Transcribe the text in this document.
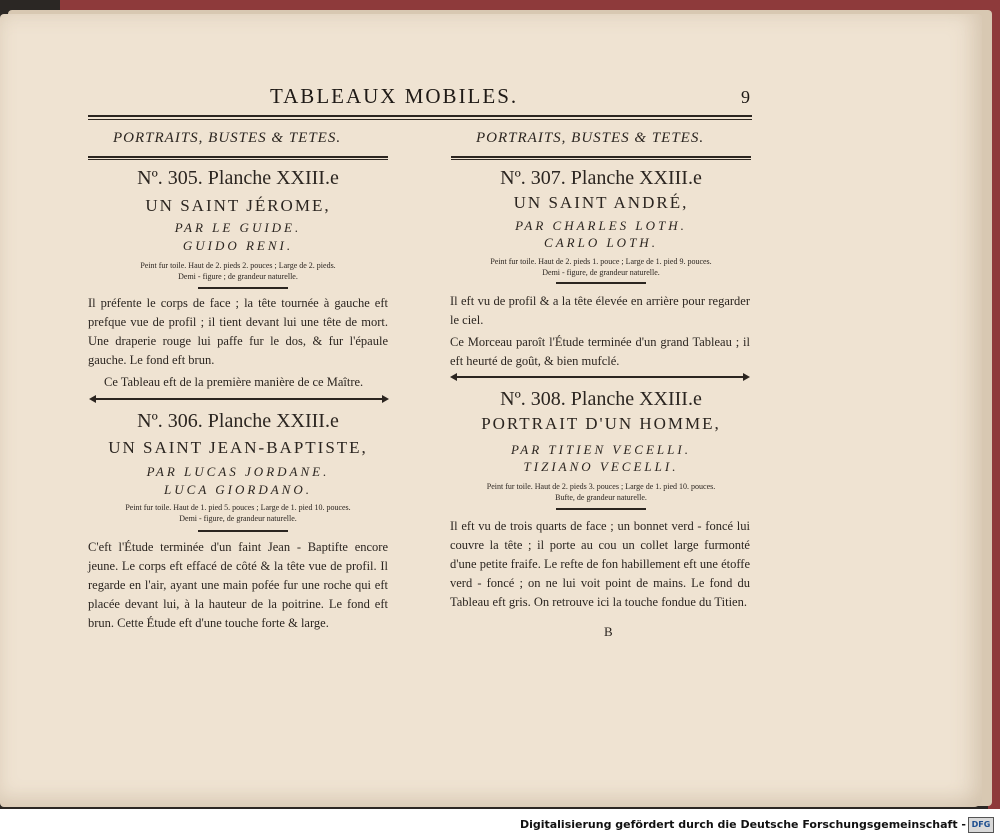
TABLEAUX MOBILES.	9
PORTRAITS, BUSTES & TETES.
Nº. 305. Planche XXIII.e
UN SAINT JÉROME,
PAR LE GUIDE.
GUIDO RENI.
Peint fur toile. Haut de 2. pieds 2. pouces ; Large de 2. pieds.
Demi - figure ; de grandeur naturelle.
Il préfente le corps de face ; la tête tournée à gauche eft prefque vue de profil ; il tient devant lui une tête de mort. Une draperie rouge lui paffe fur le dos, & fur l'épaule gauche. Le fond eft brun.
Ce Tableau eft de la première manière de ce Maître.
Nº. 306. Planche XXIII.e
UN SAINT JEAN-BAPTISTE,
PAR LUCAS JORDANE.
LUCA GIORDANO.
Peint fur toile. Haut de 1. pied 5. pouces ; Large de 1. pied 10. pouces.
Demi - figure, de grandeur naturelle.
C'eft l'Étude terminée d'un faint Jean - Baptifte encore jeune. Le corps eft effacé de côté & la tête vue de profil. Il regarde en l'air, ayant une main pofée fur une roche qui eft placée devant lui, à la hauteur de la poitrine. Le fond eft brun. Cette Étude eft d'une touche forte & large.
PORTRAITS, BUSTES & TETES.
Nº. 307. Planche XXIII.e
UN SAINT ANDRÉ,
PAR CHARLES LOTH.
CARLO LOTH.
Peint fur toile. Haut de 2. pieds 1. pouce ; Large de 1. pied 9. pouces.
Demi - figure, de grandeur naturelle.
Il eft vu de profil & a la tête élevée en arrière pour regarder le ciel.
Ce Morceau paroît l'Étude terminée d'un grand Tableau ; il eft heurté de goût, & bien mufclé.
Nº. 308. Planche XXIII.e
PORTRAIT D'UN HOMME,
PAR TITIEN VECELLI.
TIZIANO VECELLI.
Peint fur toile. Haut de 2. pieds 3. pouces ; Large de 1. pied 10. pouces.
Bufte, de grandeur naturelle.
Il eft vu de trois quarts de face ; un bonnet verd - foncé lui couvre la tête ; il porte au cou un collet large furmonté d'une petite fraife. Le refte de fon habillement eft une étoffe verd - foncé ; on ne lui voit point de mains. Le fond du Tableau eft gris. On retrouve ici la touche fondue du Titien.
B
Digitalisierung gefördert durch die Deutsche Forschungsgemeinschaft - DFG
